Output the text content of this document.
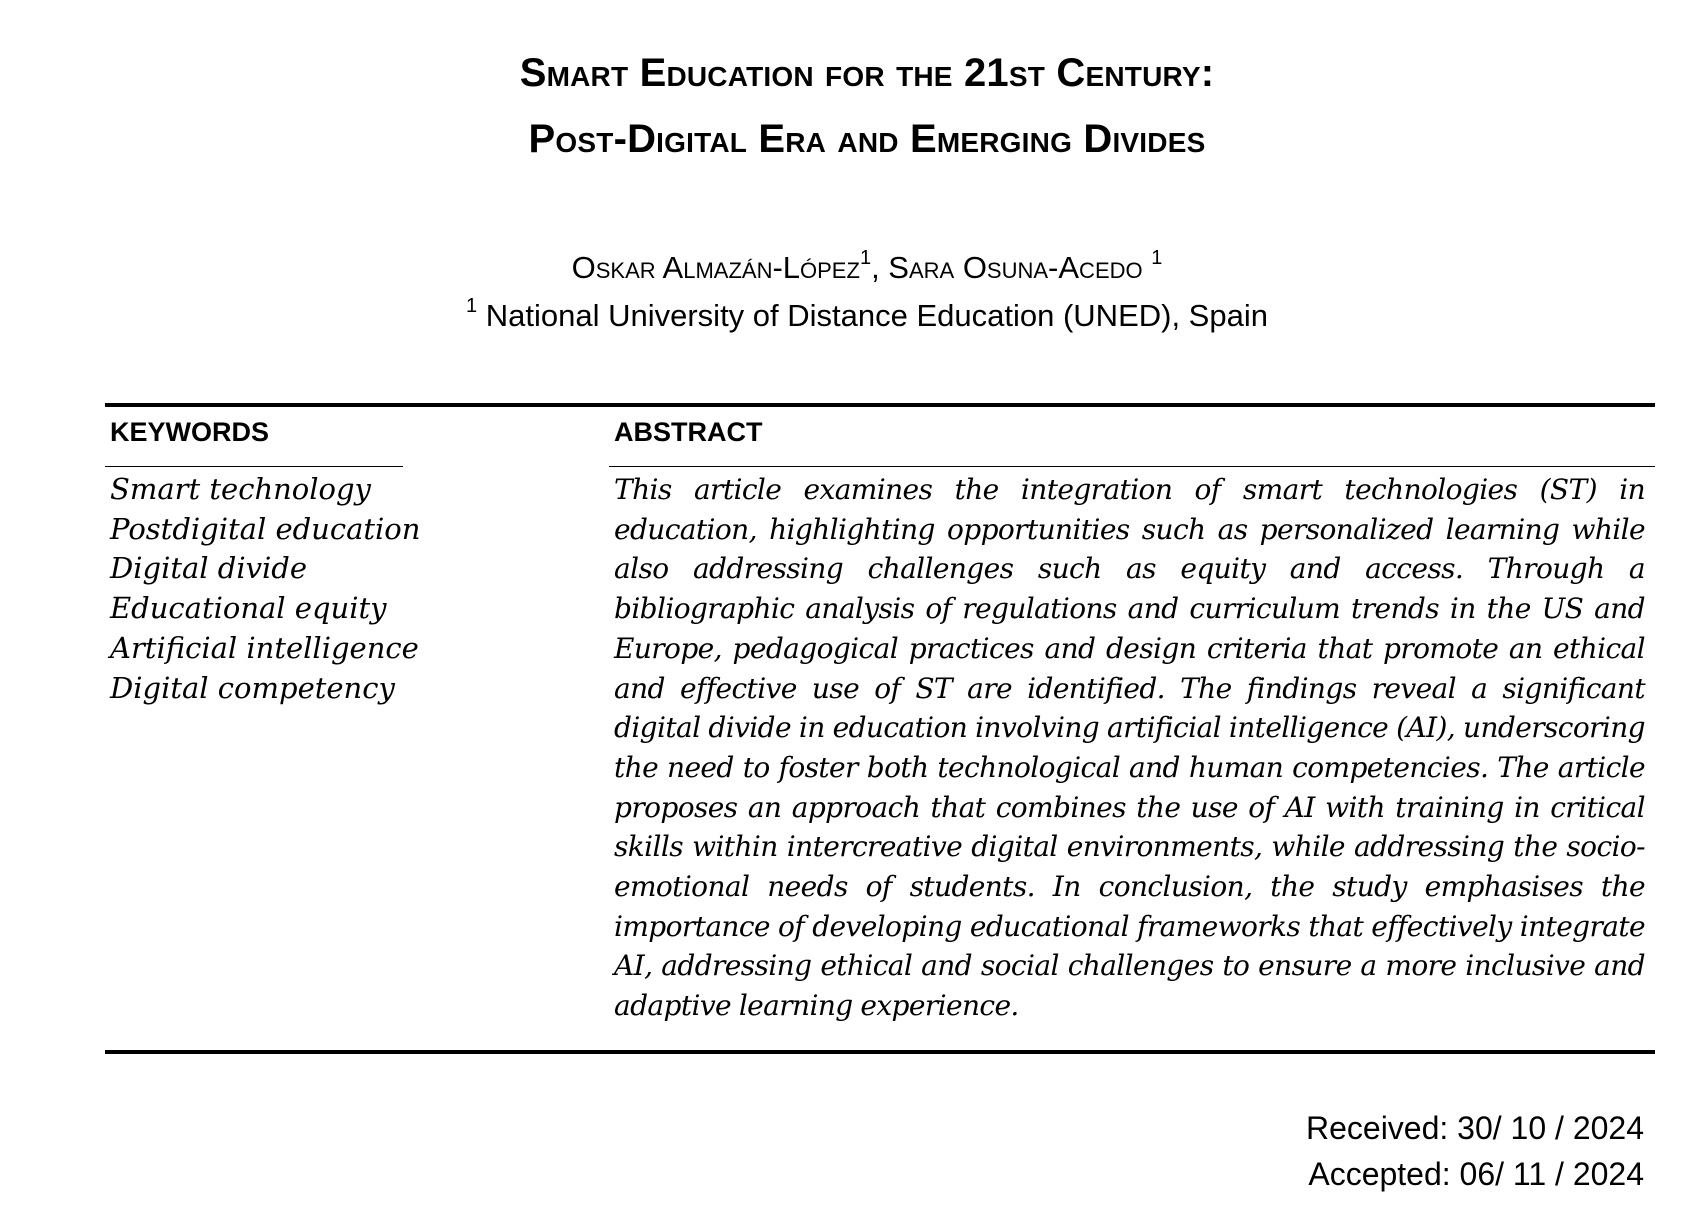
Smart Education for the 21st Century:
Post-Digital Era and Emerging Divides
Oskar Almazán-López$^1$, Sara Osuna-Acedo $^1$
$^1$ National University of Distance Education (UNED), Spain
KEYWORDS
Smart technology
Postdigital education
Digital divide
Educational equity
Artificial intelligence
Digital competency
ABSTRACT

This article examines the integration of smart technologies (ST) in education, highlighting opportunities such as personalized learning while also addressing challenges such as equity and access. Through a bibliographic analysis of regulations and curriculum trends in the US and Europe, pedagogical practices and design criteria that promote an ethical and effective use of ST are identified. The findings reveal a significant digital divide in education involving artificial intelligence (AI), underscoring the need to foster both technological and human competencies. The article proposes an approach that combines the use of AI with training in critical skills within intercreative digital environments, while addressing the socio-emotional needs of students. In conclusion, the study emphasises the importance of developing educational frameworks that effectively integrate AI, addressing ethical and social challenges to ensure a more inclusive and adaptive learning experience.

Received: 30/ 10 / 2024
Accepted: 06/ 11 / 2024
